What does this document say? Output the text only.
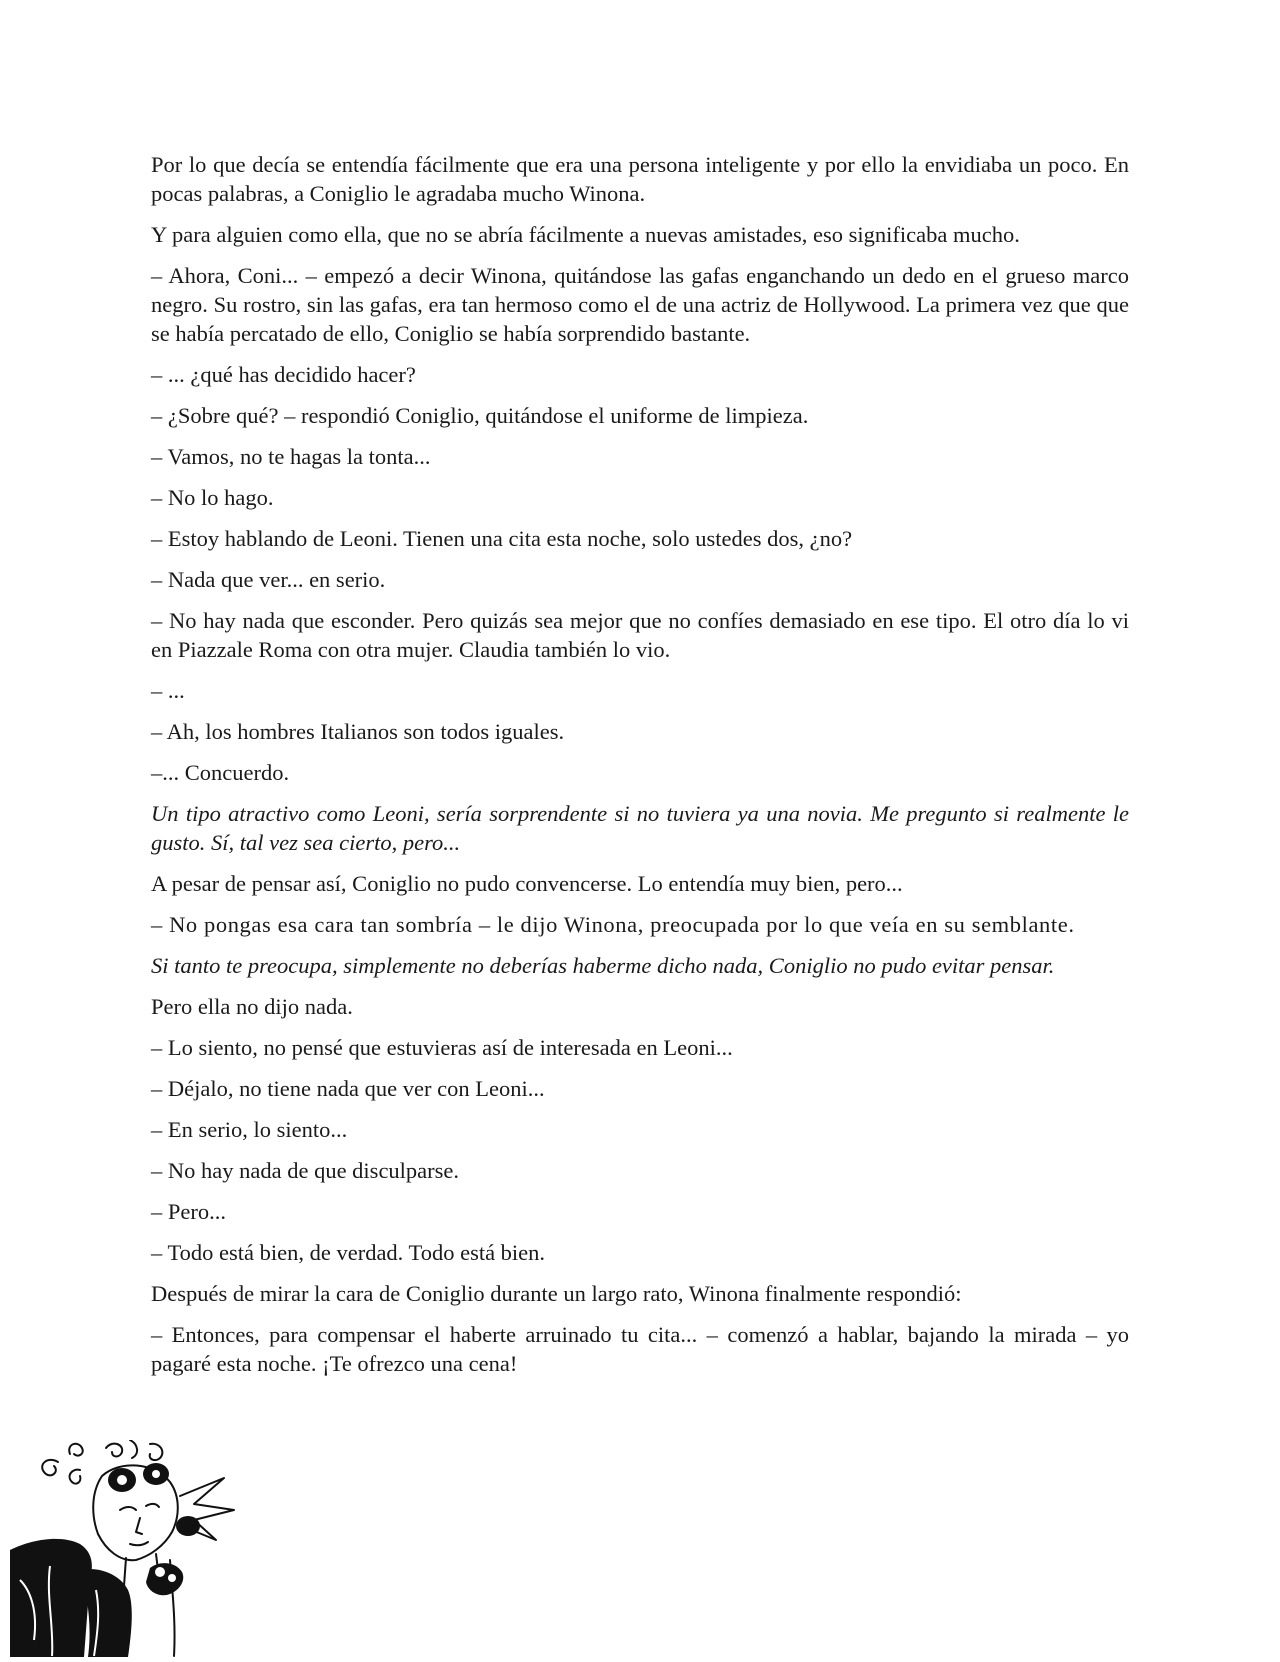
Por lo que decía se entendía fácilmente que era una persona inteligente y por ello la envidiaba un poco. En pocas palabras, a Coniglio le agradaba mucho Winona.

Y para alguien como ella, que no se abría fácilmente a nuevas amistades, eso significaba mucho.

– Ahora, Coni... – empezó a decir Winona, quitándose las gafas enganchando un dedo en el grueso marco negro. Su rostro, sin las gafas, era tan hermoso como el de una actriz de Hollywood. La primera vez que que se había percatado de ello, Coniglio se había sorprendido bastante.

– ... ¿qué has decidido hacer?

– ¿Sobre qué? – respondió Coniglio, quitándose el uniforme de limpieza.

– Vamos, no te hagas la tonta...

– No lo hago.

– Estoy hablando de Leoni. Tienen una cita esta noche, solo ustedes dos, ¿no?

– Nada que ver... en serio.

– No hay nada que esconder. Pero quizás sea mejor que no confíes demasiado en ese tipo. El otro día lo vi en Piazzale Roma con otra mujer. Claudia también lo vio.

– ...

– Ah, los hombres Italianos son todos iguales.

–... Concuerdo.

Un tipo atractivo como Leoni, sería sorprendente si no tuviera ya una novia. Me pregunto si realmente le gusto. Sí, tal vez sea cierto, pero...

A pesar de pensar así, Coniglio no pudo convencerse. Lo entendía muy bien, pero...

– No pongas esa cara tan sombría – le dijo Winona, preocupada por lo que veía en su semblante.

Si tanto te preocupa, simplemente no deberías haberme dicho nada, Coniglio no pudo evitar pensar.

Pero ella no dijo nada.

– Lo siento, no pensé que estuvieras así de interesada en Leoni...

– Déjalo, no tiene nada que ver con Leoni...

– En serio, lo siento...

– No hay nada de que disculparse.

– Pero...

– Todo está bien, de verdad. Todo está bien.

Después de mirar la cara de Coniglio durante un largo rato, Winona finalmente respondió:

– Entonces, para compensar el haberte arruinado tu cita... – comenzó a hablar, bajando la mirada – yo pagaré esta noche. ¡Te ofrezco una cena!
